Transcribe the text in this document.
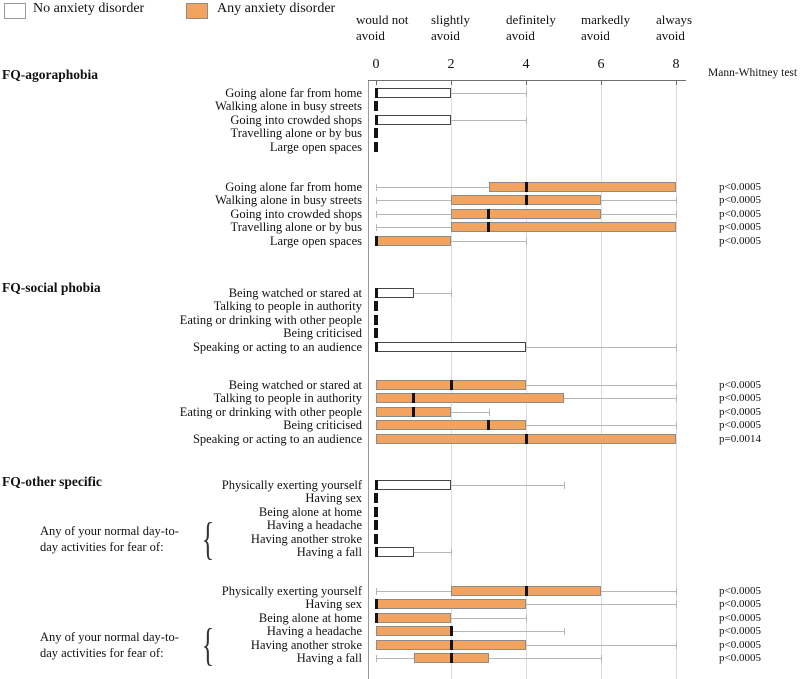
No anxiety disorder	Any anxiety disorder
would not avoid
slightly avoid
definitely avoid
markedly avoid
always avoid
Mann-Whitney test
FQ-agoraphobia
FQ-social phobia
FQ-other specific
0	2	4	6	8
Going alone far from home
Walking alone in busy streets
Going into crowded shops
Travelling alone or by bus
Large open spaces
Going alone far from home	p<0.0005
Walking alone in busy streets	p<0.0005
Going into crowded shops	p<0.0005
Travelling alone or by bus	p<0.0005
Large open spaces	p<0.0005
Being watched or stared at
Talking to people in authority
Eating or drinking with other people
Being criticised
Speaking or acting to an audience
Being watched or stared at	p<0.0005
Talking to people in authority	p<0.0005
Eating or drinking with other people	p<0.0005
Being criticised	p<0.0005
Speaking or acting to an audience	p=0.0014
Physically exerting yourself
Having sex
Being alone at home
Having a headache
Having another stroke
Having a fall
Any of your normal day-to-
day activities for fear of: {
Physically exerting yourself	p<0.0005
Having sex	p<0.0005
Being alone at home	p<0.0005
Having a headache	p<0.0005
Having another stroke	p<0.0005
Having a fall	p<0.0005
Any of your normal day-to-
day activities for fear of: {
